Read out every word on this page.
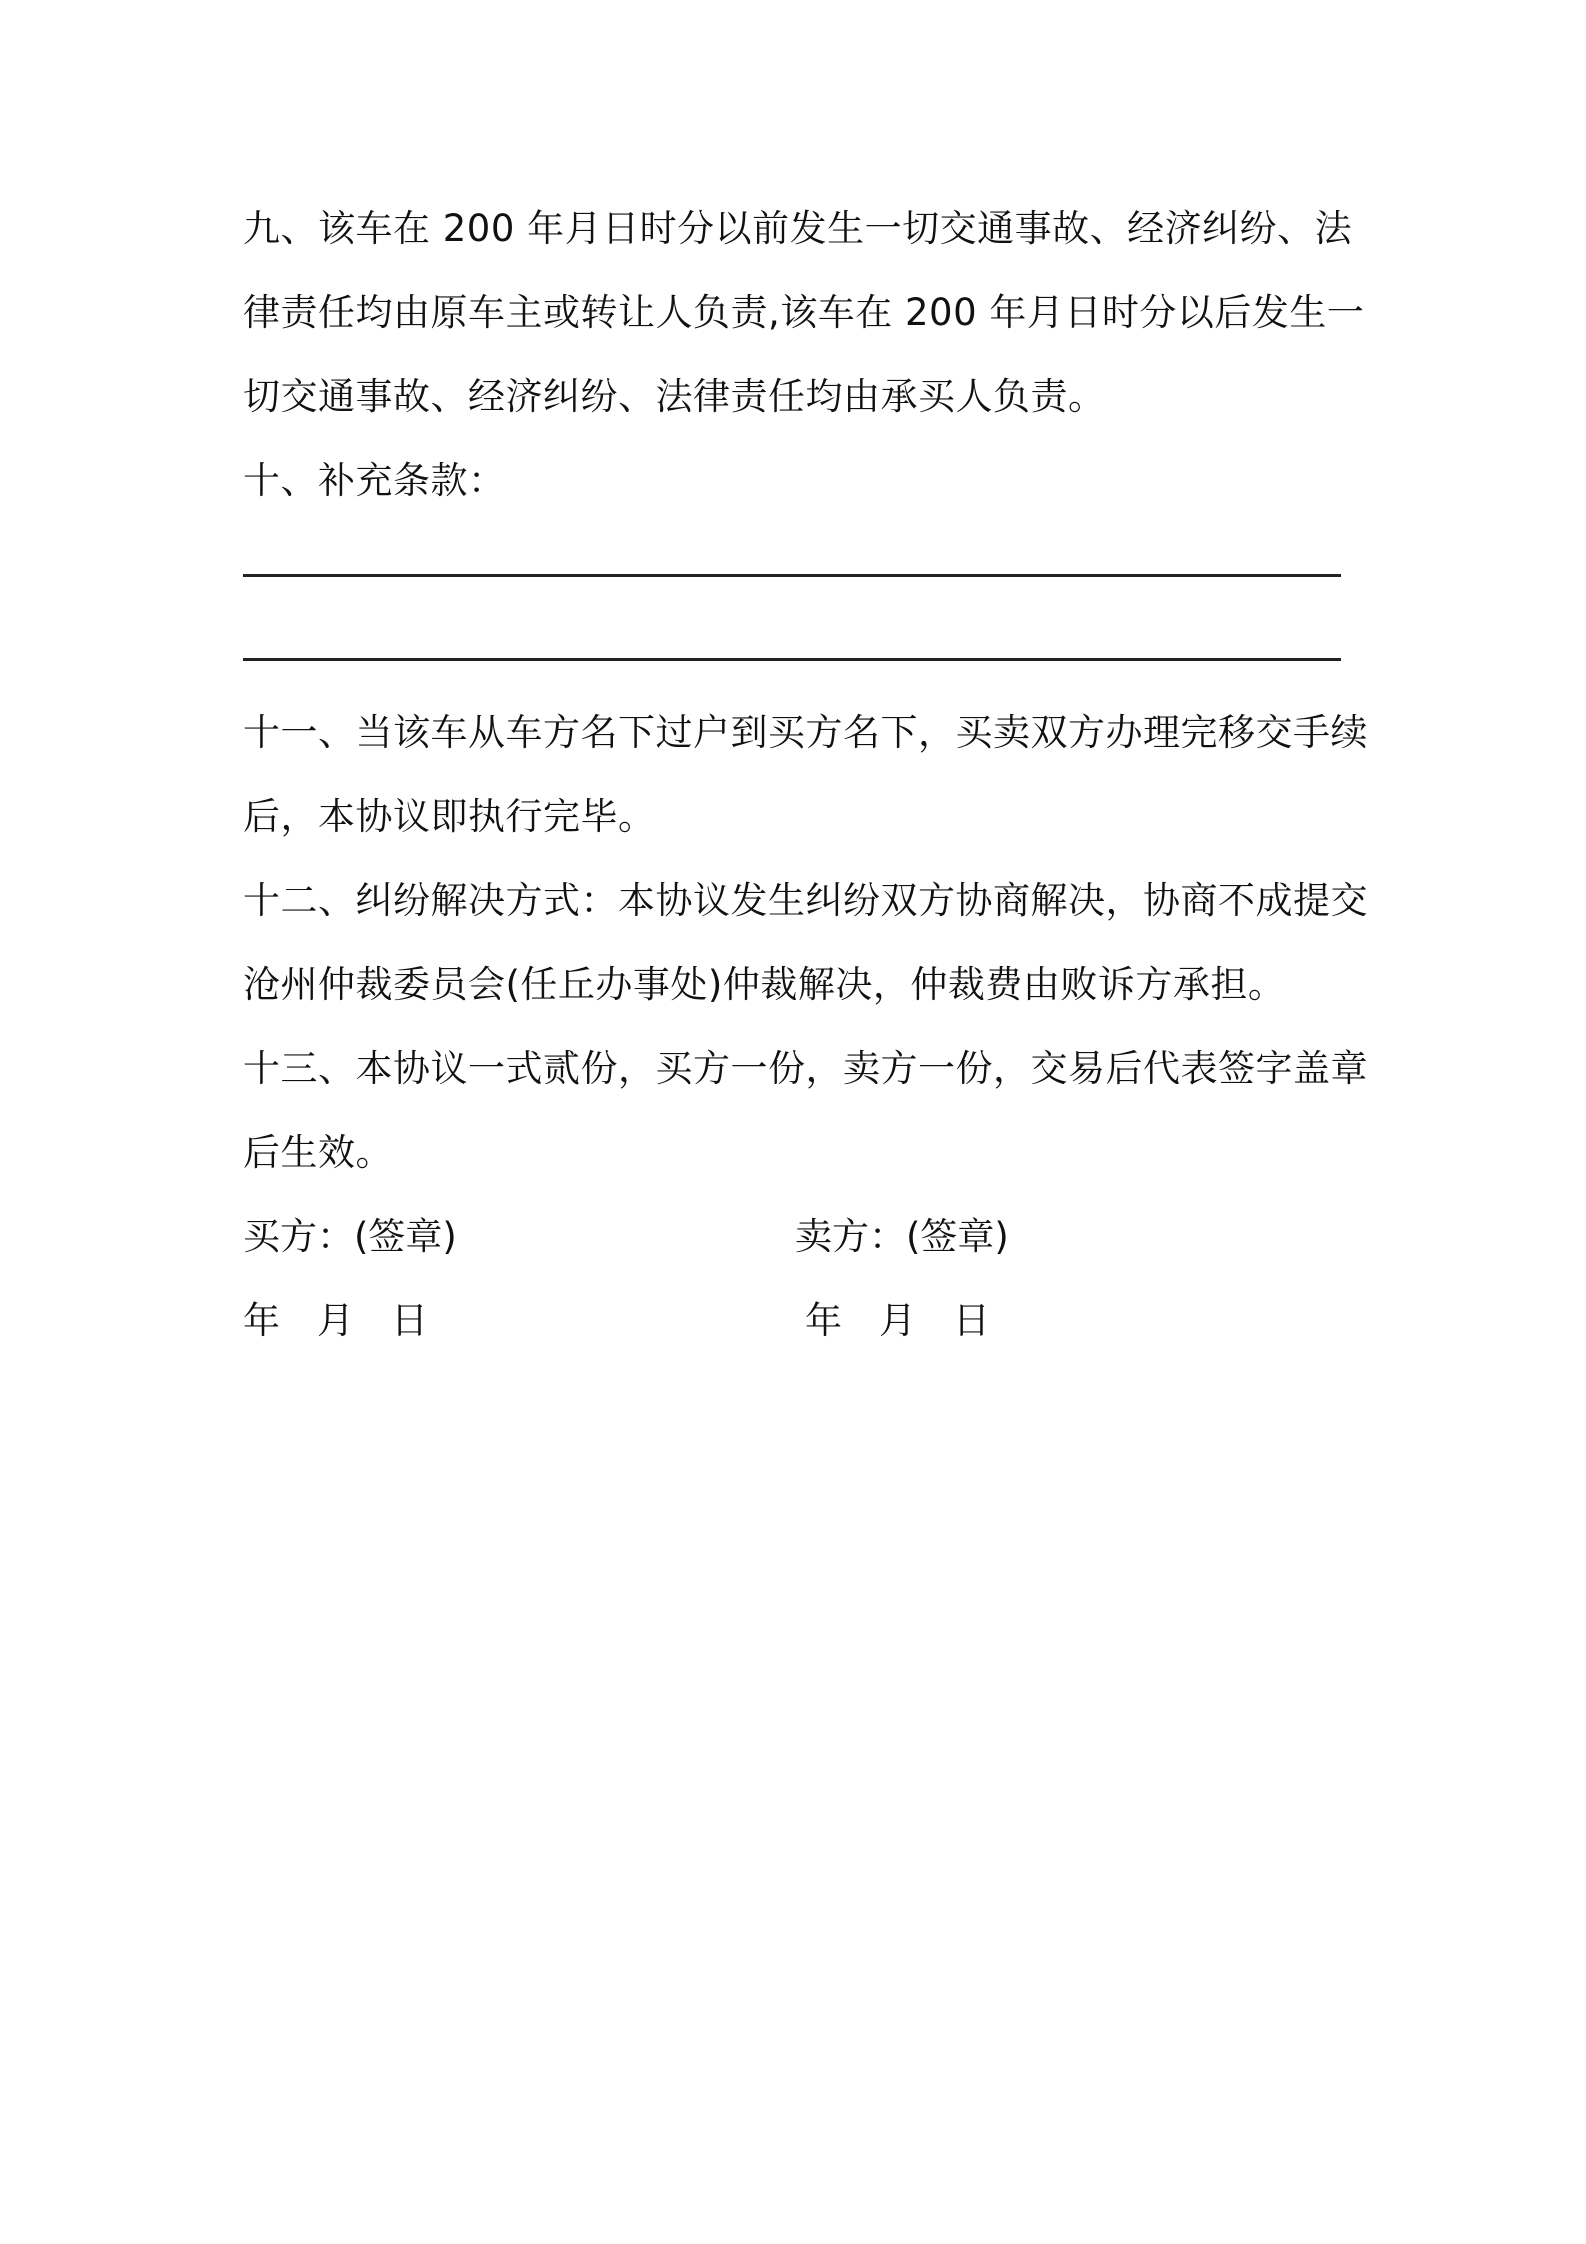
九、该车在 200 年月日时分以前发生一切交通事故、经济纠纷、法
律责任均由原车主或转让人负责,该车在 200 年月日时分以后发生一
切交通事故、经济纠纷、法律责任均由承买人负责。
十、补充条款：
十一、当该车从车方名下过户到买方名下，买卖双方办理完移交手续
后，本协议即执行完毕。
十二、纠纷解决方式：本协议发生纠纷双方协商解决，协商不成提交
沧州仲裁委员会(任丘办事处)仲裁解决，仲裁费由败诉方承担。
十三、本协议一式贰份，买方一份，卖方一份，交易后代表签字盖章
后生效。
买方：(签章)	卖方：(签章)
年　月　日	年　月　日
